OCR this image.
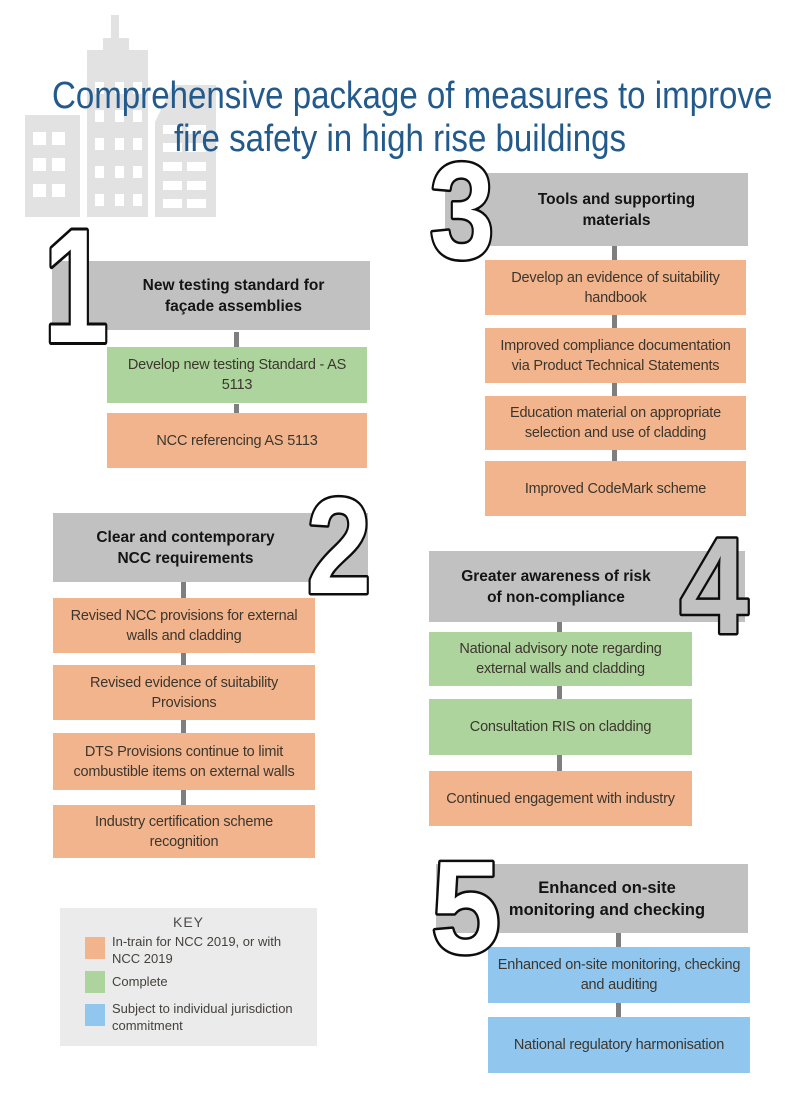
Comprehensive package of measures to improve
fire safety in high rise buildings
1	New testing standard for
façade assemblies
Develop new testing Standard - AS 5113
NCC referencing AS 5113
Clear and contemporary
NCC requirements 2
Revised NCC provisions for external walls and cladding
Revised evidence of suitability Provisions
DTS Provisions continue to limit combustible items on external walls
Industry certification scheme recognition
3	Tools and supporting
materials
Develop an evidence of suitability handbook
Improved compliance documentation via Product Technical Statements
Education material on appropriate selection and use of cladding
Improved CodeMark scheme
Greater awareness of risk
of non-compliance 4
National advisory note regarding external walls and cladding
Consultation RIS on cladding
Continued engagement with industry
5	Enhanced on-site
monitoring and checking
Enhanced on-site monitoring, checking and auditing
National regulatory harmonisation
KEY
In-train for NCC 2019, or with NCC 2019
Complete
Subject to individual jurisdiction commitment
